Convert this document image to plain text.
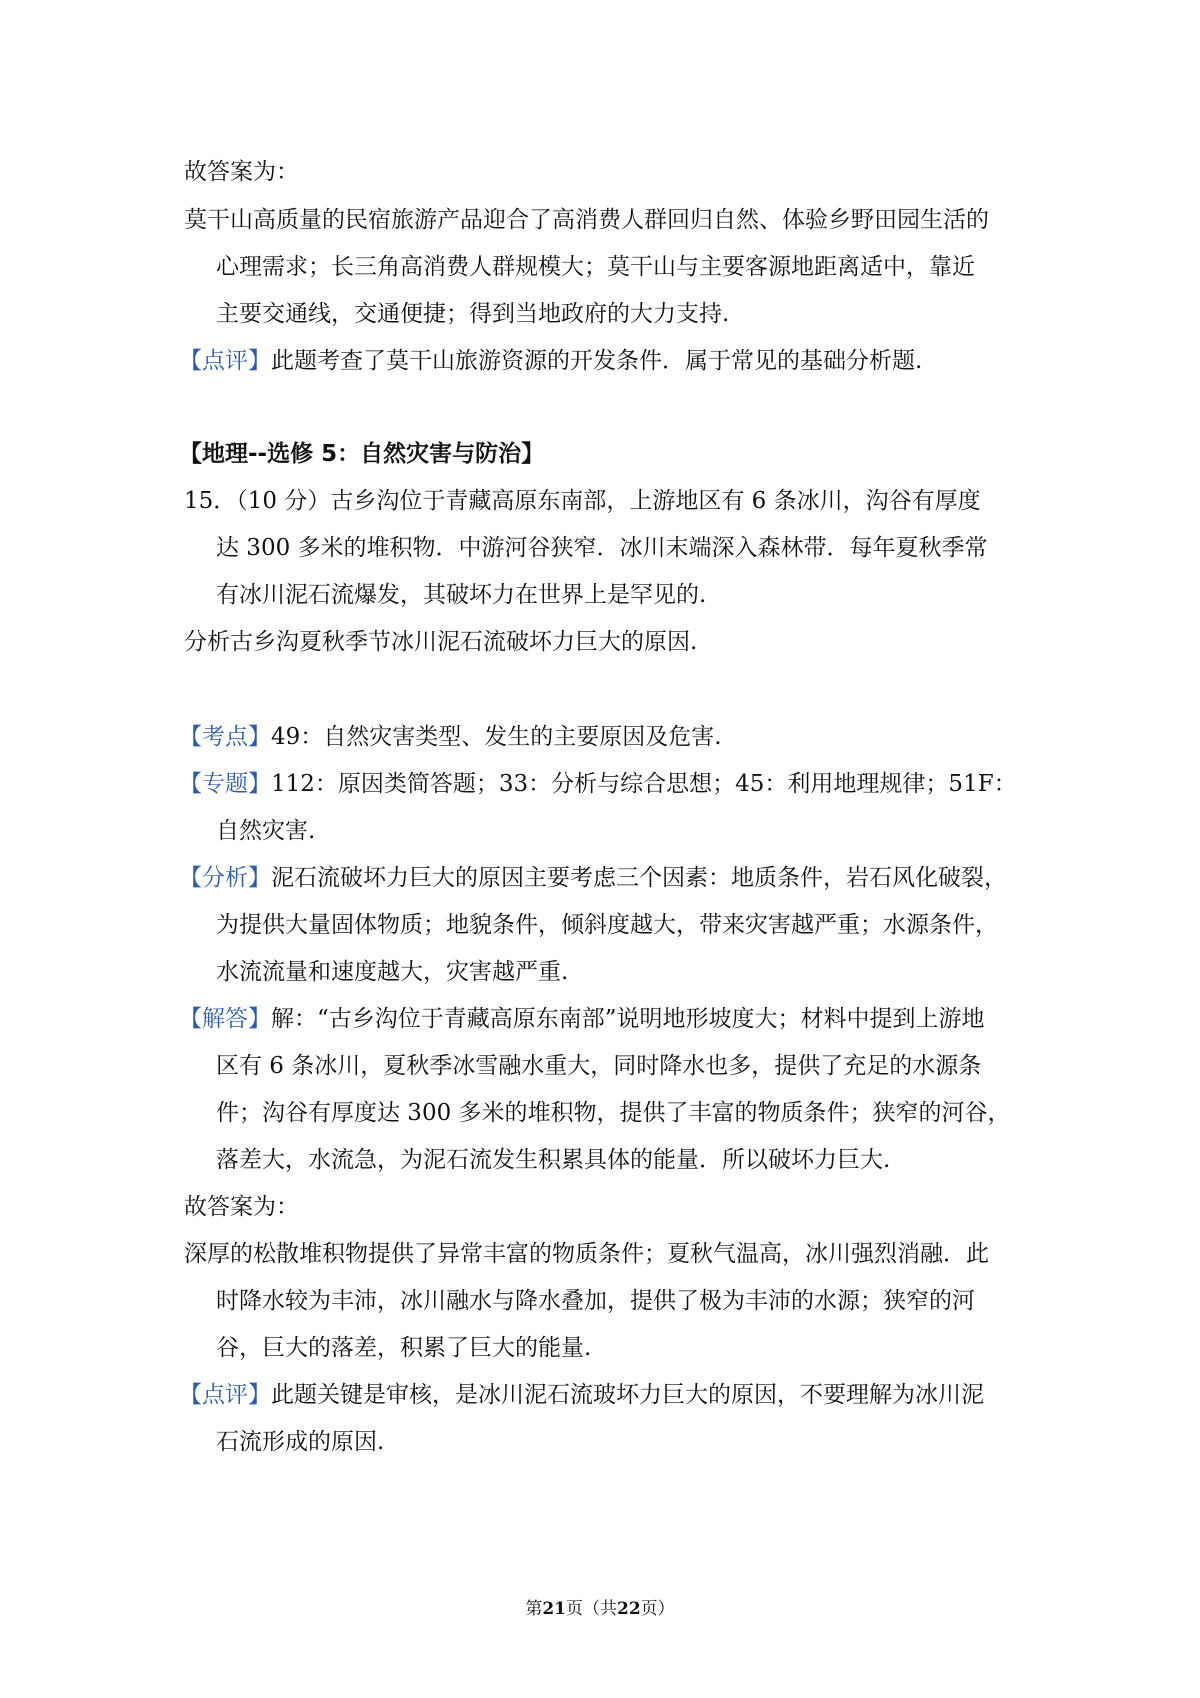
故答案为：
莫干山高质量的民宿旅游产品迎合了高消费人群回归自然、体验乡野田园生活的
心理需求；长三角高消费人群规模大；莫干山与主要客源地距离适中，靠近
主要交通线，交通便捷；得到当地政府的大力支持.
【点评】此题考查了莫干山旅游资源的开发条件．属于常见的基础分析题.
【地理--选修 5：自然灾害与防治】
15．（10 分）古乡沟位于青藏高原东南部，上游地区有 6 条冰川，沟谷有厚度
达 300 多米的堆积物．中游河谷狭窄．冰川末端深入森林带．每年夏秋季常
有冰川泥石流爆发，其破坏力在世界上是罕见的.
分析古乡沟夏秋季节冰川泥石流破坏力巨大的原因.
【考点】49：自然灾害类型、发生的主要原因及危害.
【专题】112：原因类简答题；33：分析与综合思想；45：利用地理规律；51F：
自然灾害.
【分析】泥石流破坏力巨大的原因主要考虑三个因素：地质条件，岩石风化破裂，
为提供大量固体物质；地貌条件，倾斜度越大，带来灾害越严重；水源条件，
水流流量和速度越大，灾害越严重.
【解答】解：“古乡沟位于青藏高原东南部”说明地形坡度大；材料中提到上游地
区有 6 条冰川，夏秋季冰雪融水重大，同时降水也多，提供了充足的水源条
件；沟谷有厚度达 300 多米的堆积物，提供了丰富的物质条件；狭窄的河谷，
落差大，水流急，为泥石流发生积累具体的能量．所以破坏力巨大.
故答案为：
深厚的松散堆积物提供了异常丰富的物质条件；夏秋气温高，冰川强烈消融．此
时降水较为丰沛，冰川融水与降水叠加，提供了极为丰沛的水源；狭窄的河
谷，巨大的落差，积累了巨大的能量.
【点评】此题关键是审核，是冰川泥石流玻坏力巨大的原因，不要理解为冰川泥
石流形成的原因.
第21页（共22页）
